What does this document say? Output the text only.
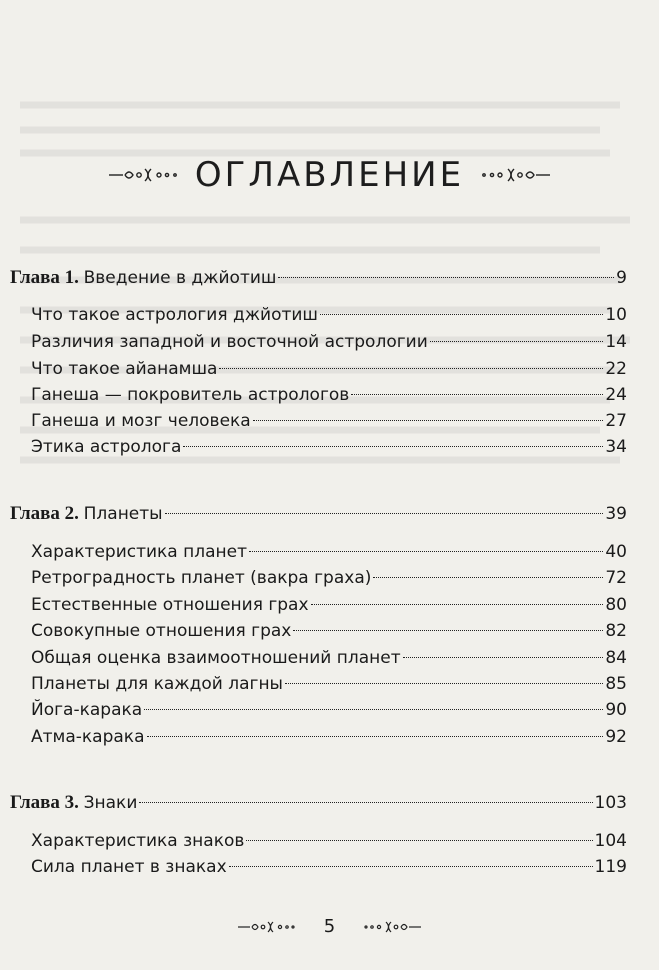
ОГЛАВЛЕНИЕ
Глава 1. Введение в джйотиш	9
Что такое астрология джйотиш	10
Различия западной и восточной астрологии	14
Что такое айанамша	22
Ганеша — покровитель астрологов	24
Ганеша и мозг человека	27
Этика астролога	34
Глава 2. Планеты	39
Характеристика планет	40
Ретроградность планет (вакра граха)	72
Естественные отношения грах	80
Совокупные отношения грах	82
Общая оценка взаимоотношений планет	84
Планеты для каждой лагны	85
Йога-карака	90
Атма-карака	92
Глава 3. Знаки	103
Характеристика знаков	104
Сила планет в знаках	119
5
